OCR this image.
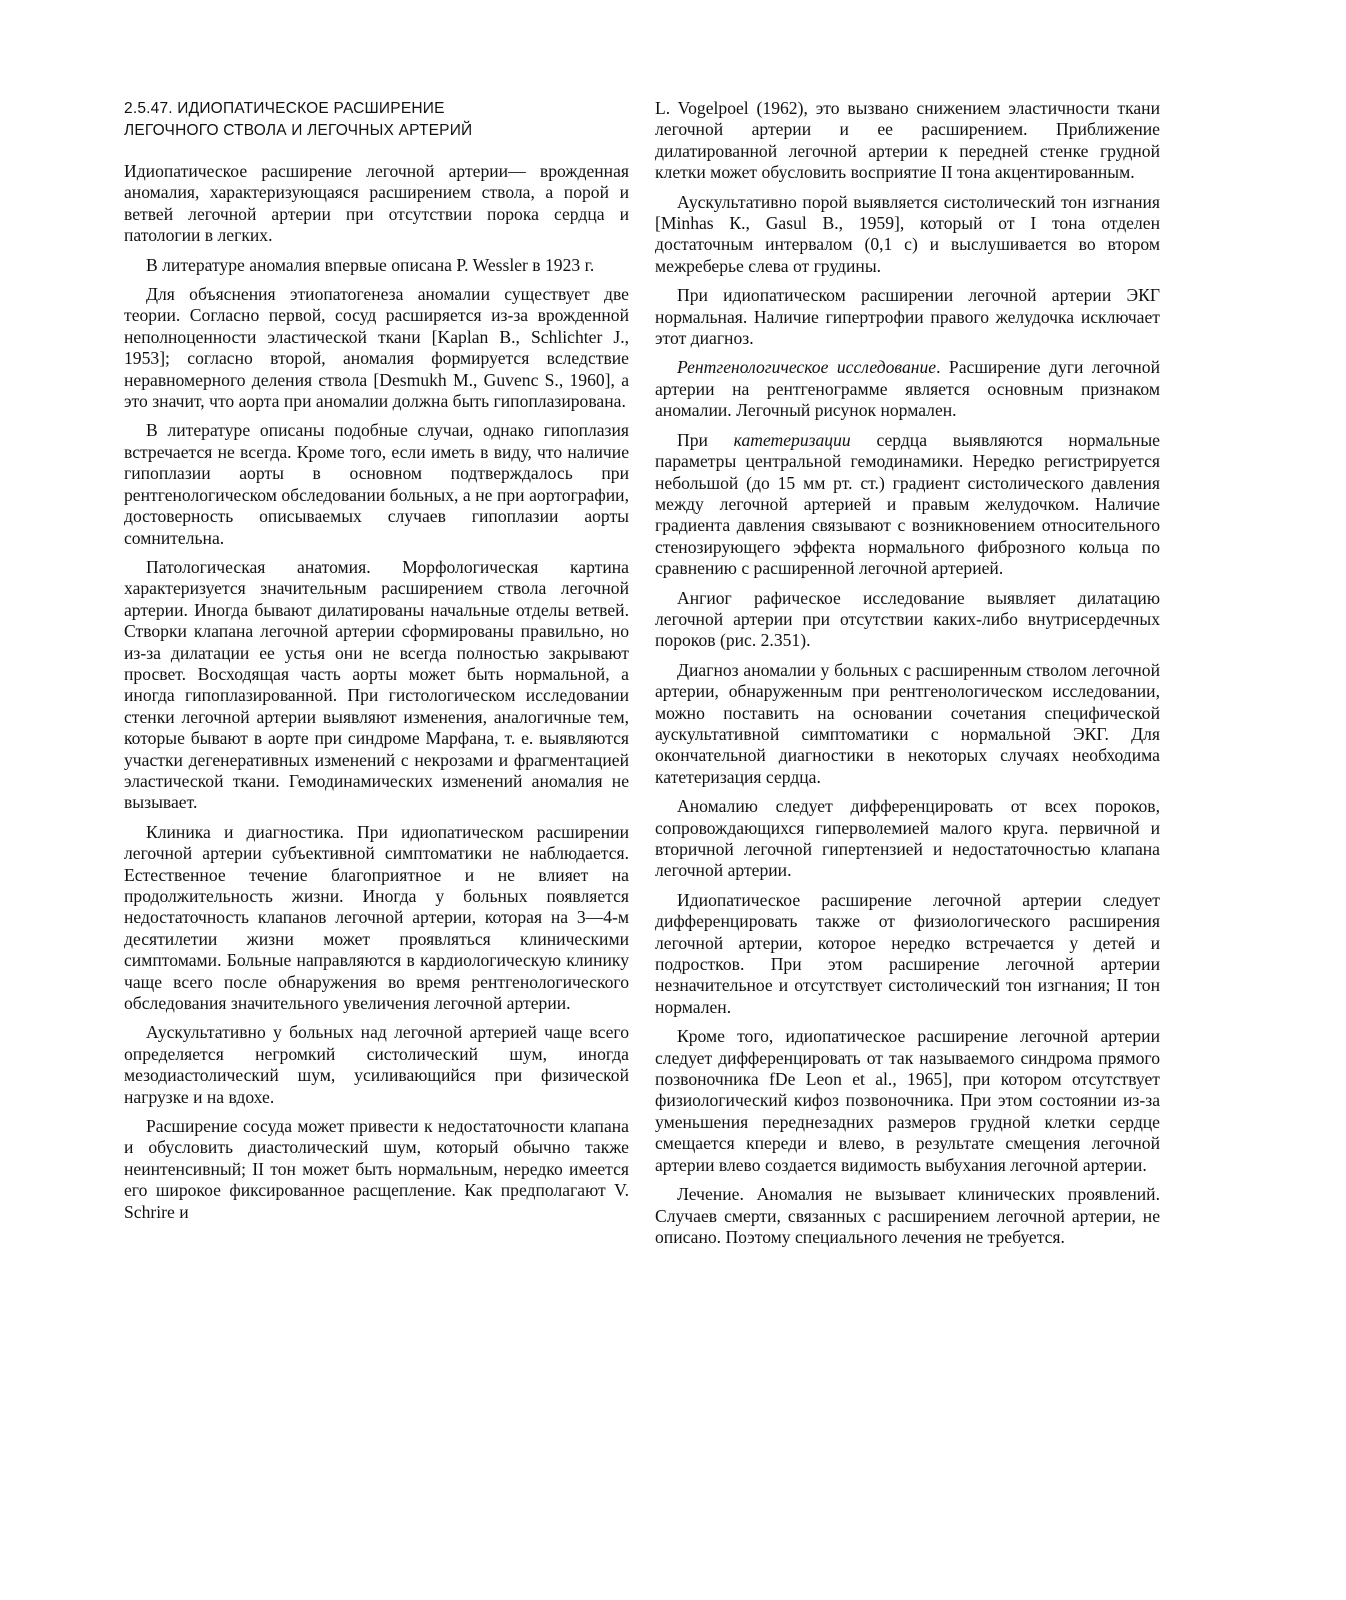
2.5.47. ИДИОПАТИЧЕСКОЕ РАСШИРЕНИЕ
ЛЕГОЧНОГО СТВОЛА И ЛЕГОЧНЫХ АРТЕРИЙ

Идиопатическое расширение легочной артерии— врожденная аномалия, характеризующаяся расширением ствола, а порой и ветвей легочной артерии при отсутствии порока сердца и патологии в легких.

В литературе аномалия впервые описана P. Wessler в 1923 г.

Для объяснения этиопатогенеза аномалии существует две теории. Согласно первой, сосуд расширяется из-за врожденной неполноценности эластической ткани [Kaplan В., Schlichter J., 1953]; согласно второй, аномалия формируется вследствие неравномерного деления ствола [Desmukh M., Guvenc S., 1960], а это значит, что аорта при аномалии должна быть гипоплазирована.

В литературе описаны подобные случаи, однако гипоплазия встречается не всегда. Кроме того, если иметь в виду, что наличие гипоплазии аорты в основном подтверждалось при рентгенологическом обследовании больных, а не при аортографии, достоверность описываемых случаев гипоплазии аорты сомнительна.

Патологическая анатомия. Морфологическая картина характеризуется значительным расширением ствола легочной артерии. Иногда бывают дилатированы начальные отделы ветвей. Створки клапана легочной артерии сформированы правильно, но из-за дилатации ее устья они не всегда полностью закрывают просвет. Восходящая часть аорты может быть нормальной, а иногда гипоплазированной. При гистологическом исследовании стенки легочной артерии выявляют изменения, аналогичные тем, которые бывают в аорте при синдроме Марфана, т. е. выявляются участки дегенеративных изменений с некрозами и фрагментацией эластической ткани. Гемодинамических изменений аномалия не вызывает.

Клиника и диагностика. При идиопатическом расширении легочной артерии субъективной симптоматики не наблюдается. Естественное течение благоприятное и не влияет на продолжительность жизни. Иногда у больных появляется недостаточность клапанов легочной артерии, которая на 3—4-м десятилетии жизни может проявляться клиническими симптомами. Больные направляются в кардиологическую клинику чаще всего после обнаружения во время рентгенологического обследования значительного увеличения легочной артерии.

Аускультативно у больных над легочной артерией чаще всего определяется негромкий систолический шум, иногда мезодиастолический шум, усиливающийся при физической нагрузке и на вдохе.

Расширение сосуда может привести к недостаточности клапана и обусловить диастолический шум, который обычно также неинтенсивный; II тон может быть нормальным, нередко имеется его широкое фиксированное расщепление. Как предполагают V. Schrire и

L. Vogelpoel (1962), это вызвано снижением эластичности ткани легочной артерии и ее расширением. Приближение дилатированной легочной артерии к передней стенке грудной клетки может обусловить восприятие II тона акцентированным.

Аускультативно порой выявляется систолический тон изгнания [Minhas К., Gasul В., 1959], который от I тона отделен достаточным интервалом (0,1 с) и выслушивается во втором межреберье слева от грудины.

При идиопатическом расширении легочной артерии ЭКГ нормальная. Наличие гипертрофии правого желудочка исключает этот диагноз.

Рентгенологическое исследование. Расширение дуги легочной артерии на рентгенограмме является основным признаком аномалии. Легочный рисунок нормален.

При катетеризации сердца выявляются нормальные параметры центральной гемодинамики. Нередко регистрируется небольшой (до 15 мм рт. ст.) градиент систолического давления между легочной артерией и правым желудочком. Наличие градиента давления связывают с возникновением относительного стенозирующего эффекта нормального фиброзного кольца по сравнению с расширенной легочной артерией.

Ангиог рафическое исследование выявляет дилатацию легочной артерии при отсутствии каких-либо внутрисердечных пороков (рис. 2.351).

Диагноз аномалии у больных с расширенным стволом легочной артерии, обнаруженным при рентгенологическом исследовании, можно поставить на основании сочетания специфической аускультативной симптоматики с нормальной ЭКГ. Для окончательной диагностики в некоторых случаях необходима катетеризация сердца.

Аномалию следует дифференцировать от всех пороков, сопровождающихся гиперволемией малого круга. первичной и вторичной легочной гипертензией и недостаточностью клапана легочной артерии.

Идиопатическое расширение легочной артерии следует дифференцировать также от физиологического расширения легочной артерии, которое нередко встречается у детей и подростков. При этом расширение легочной артерии незначительное и отсутствует систолический тон изгнания; II тон нормален.

Кроме того, идиопатическое расширение легочной артерии следует дифференцировать от так называемого синдрома прямого позвоночника fDe Leon et al., 1965], при котором отсутствует физиологический кифоз позвоночника. При этом состоянии из-за уменьшения переднезадних размеров грудной клетки сердце смещается кпереди и влево, в результате смещения легочной артерии влево создается видимость выбухания легочной артерии.

Лечение. Аномалия не вызывает клинических проявлений. Случаев смерти, связанных с расширением легочной артерии, не описано. Поэтому специального лечения не требуется.
